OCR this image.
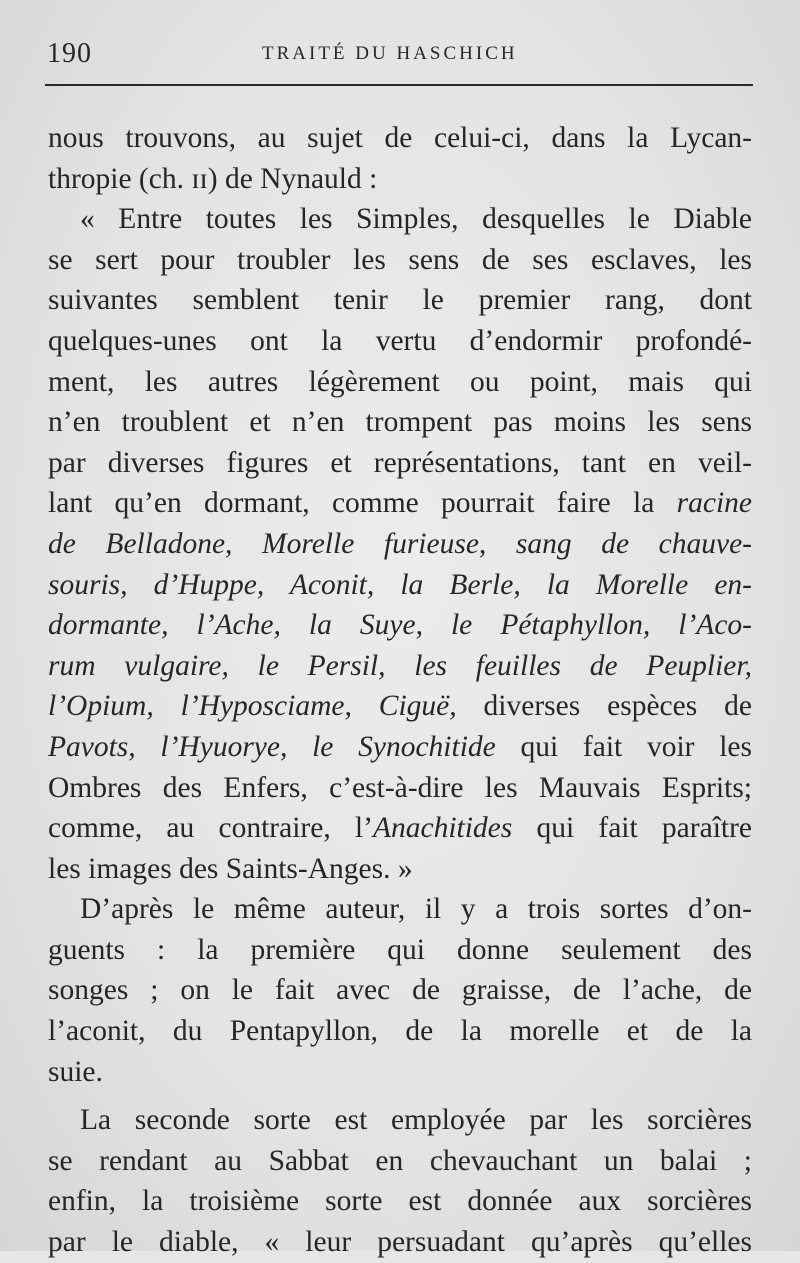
190	TRAITÉ DU HASCHICH
nous trouvons, au sujet de celui-ci, dans la Lycan-
thropie (ch. ɪɪ) de Nynauld :
« Entre toutes les Simples, desquelles le Diable
se sert pour troubler les sens de ses esclaves, les
suivantes semblent tenir le premier rang, dont
quelques-unes ont la vertu d’endormir profondé-
ment, les autres légèrement ou point, mais qui
n’en troublent et n’en trompent pas moins les sens
par diverses figures et représentations, tant en veil-
lant qu’en dormant, comme pourrait faire la racine
de Belladone, Morelle furieuse, sang de chauve-
souris, d’Huppe, Aconit, la Berle, la Morelle en-
dormante, l’Ache, la Suye, le Pétaphyllon, l’Aco-
rum vulgaire, le Persil, les feuilles de Peuplier,
l’Opium, l’Hyposciame, Ciguë, diverses espèces de
Pavots, l’Hyuorye, le Synochitide qui fait voir les
Ombres des Enfers, c’est-à-dire les Mauvais Esprits;
comme, au contraire, l’Anachitides qui fait paraître
les images des Saints-Anges. »
D’après le même auteur, il y a trois sortes d’on-
guents : la première qui donne seulement des
songes ; on le fait avec de graisse, de l’ache, de
l’aconit, du Pentapyllon, de la morelle et de la
suie.
La seconde sorte est employée par les sorcières
se rendant au Sabbat en chevauchant un balai ;
enfin, la troisième sorte est donnée aux sorcières
par le diable, « leur persuadant qu’après qu’elles
